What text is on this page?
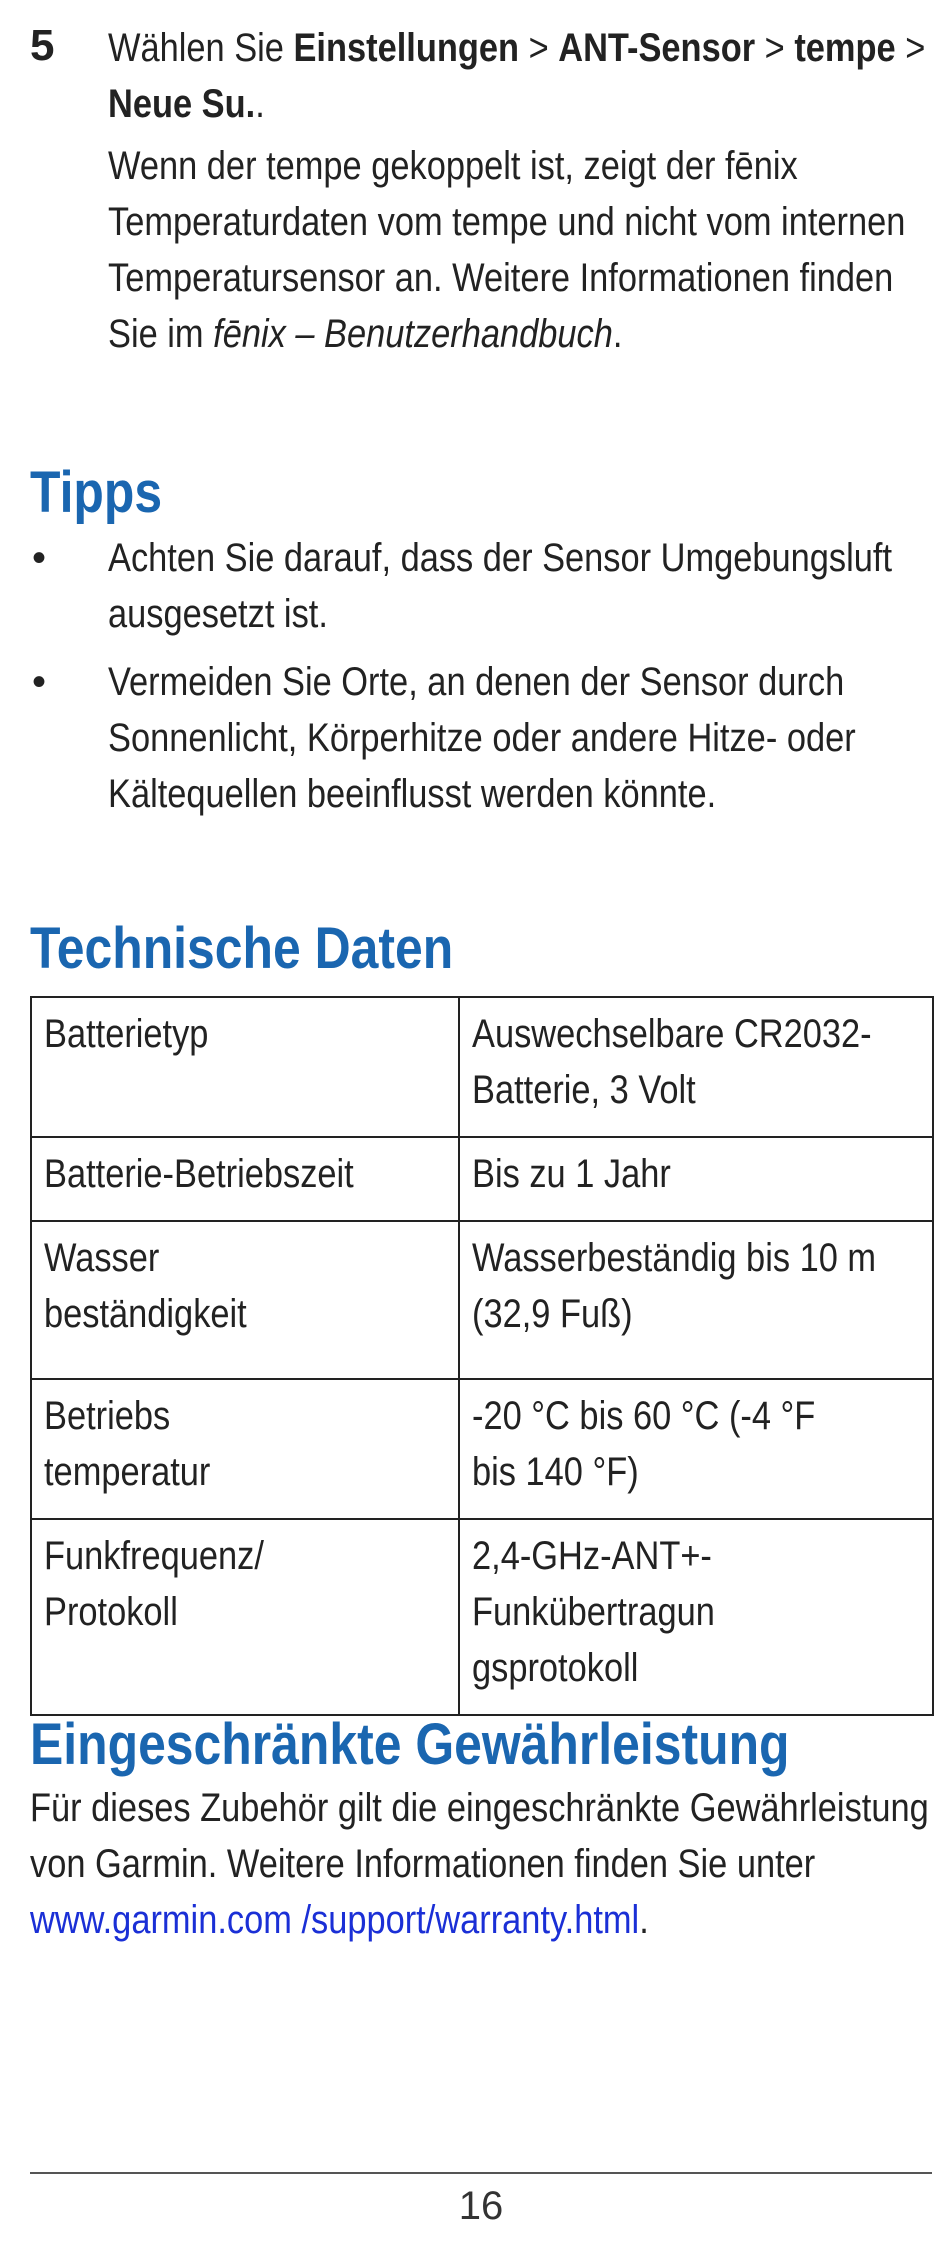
5 Wählen Sie Einstellungen > ANT-Sensor > tempe > Neue Su..
Wenn der tempe gekoppelt ist, zeigt der fēnix Temperaturdaten vom tempe und nicht vom internen Temperatursensor an. Weitere Informationen finden Sie im fēnix – Benutzerhandbuch.
Tipps
• Achten Sie darauf, dass der Sensor Umgebungsluft ausgesetzt ist.
• Vermeiden Sie Orte, an denen der Sensor durch Sonnenlicht, Körperhitze oder andere Hitze- oder Kältequellen beeinflusst werden könnte.
Technische Daten
Batterietyp	Auswechselbare CR2032-Batterie, 3 Volt

Batterie-Betriebszeit	Bis zu 1 Jahr

Wasser beständigkeit	Wasserbeständig bis 10 m (32,9 Fuß)

Betriebs temperatur	-20 °C bis 60 °C (-4 °F bis 140 °F)

Funkfrequenz/ Protokoll	2,4-GHz-ANT+-Funkübertragun gsprotokoll
Eingeschränkte Gewährleistung
Für dieses Zubehör gilt die eingeschränkte Gewährleistung von Garmin. Weitere Informationen finden Sie unter www.garmin.com /support/warranty.html.
16
